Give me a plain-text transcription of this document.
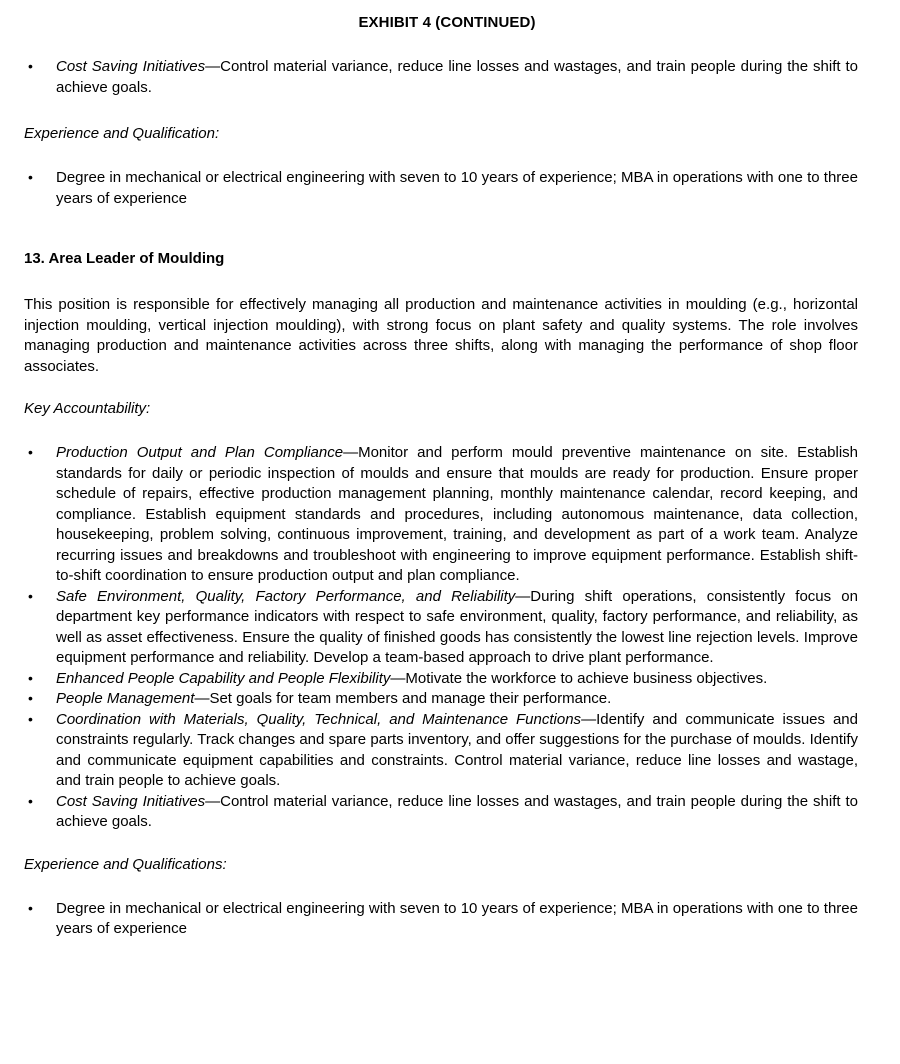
EXHIBIT 4 (CONTINUED)
• Cost Saving Initiatives—Control material variance, reduce line losses and wastages, and train people during the shift to achieve goals.
Experience and Qualification:
• Degree in mechanical or electrical engineering with seven to 10 years of experience; MBA in operations with one to three years of experience
13. Area Leader of Moulding

This position is responsible for effectively managing all production and maintenance activities in moulding (e.g., horizontal injection moulding, vertical injection moulding), with strong focus on plant safety and quality systems. The role involves managing production and maintenance activities across three shifts, along with managing the performance of shop floor associates.

Key Accountability:
• Production Output and Plan Compliance—Monitor and perform mould preventive maintenance on site. Establish standards for daily or periodic inspection of moulds and ensure that moulds are ready for production. Ensure proper schedule of repairs, effective production management planning, monthly maintenance calendar, record keeping, and compliance. Establish equipment standards and procedures, including autonomous maintenance, data collection, housekeeping, problem solving, continuous improvement, training, and development as part of a work team. Analyze recurring issues and breakdowns and troubleshoot with engineering to improve equipment performance. Establish shift-to-shift coordination to ensure production output and plan compliance.
• Safe Environment, Quality, Factory Performance, and Reliability—During shift operations, consistently focus on department key performance indicators with respect to safe environment, quality, factory performance, and reliability, as well as asset effectiveness. Ensure the quality of finished goods has consistently the lowest line rejection levels. Improve equipment performance and reliability. Develop a team-based approach to drive plant performance.
• Enhanced People Capability and People Flexibility—Motivate the workforce to achieve business objectives.
• People Management—Set goals for team members and manage their performance.
• Coordination with Materials, Quality, Technical, and Maintenance Functions—Identify and communicate issues and constraints regularly. Track changes and spare parts inventory, and offer suggestions for the purchase of moulds. Identify and communicate equipment capabilities and constraints. Control material variance, reduce line losses and wastage, and train people to achieve goals.
• Cost Saving Initiatives—Control material variance, reduce line losses and wastages, and train people during the shift to achieve goals.
Experience and Qualifications:
• Degree in mechanical or electrical engineering with seven to 10 years of experience; MBA in operations with one to three years of experience
